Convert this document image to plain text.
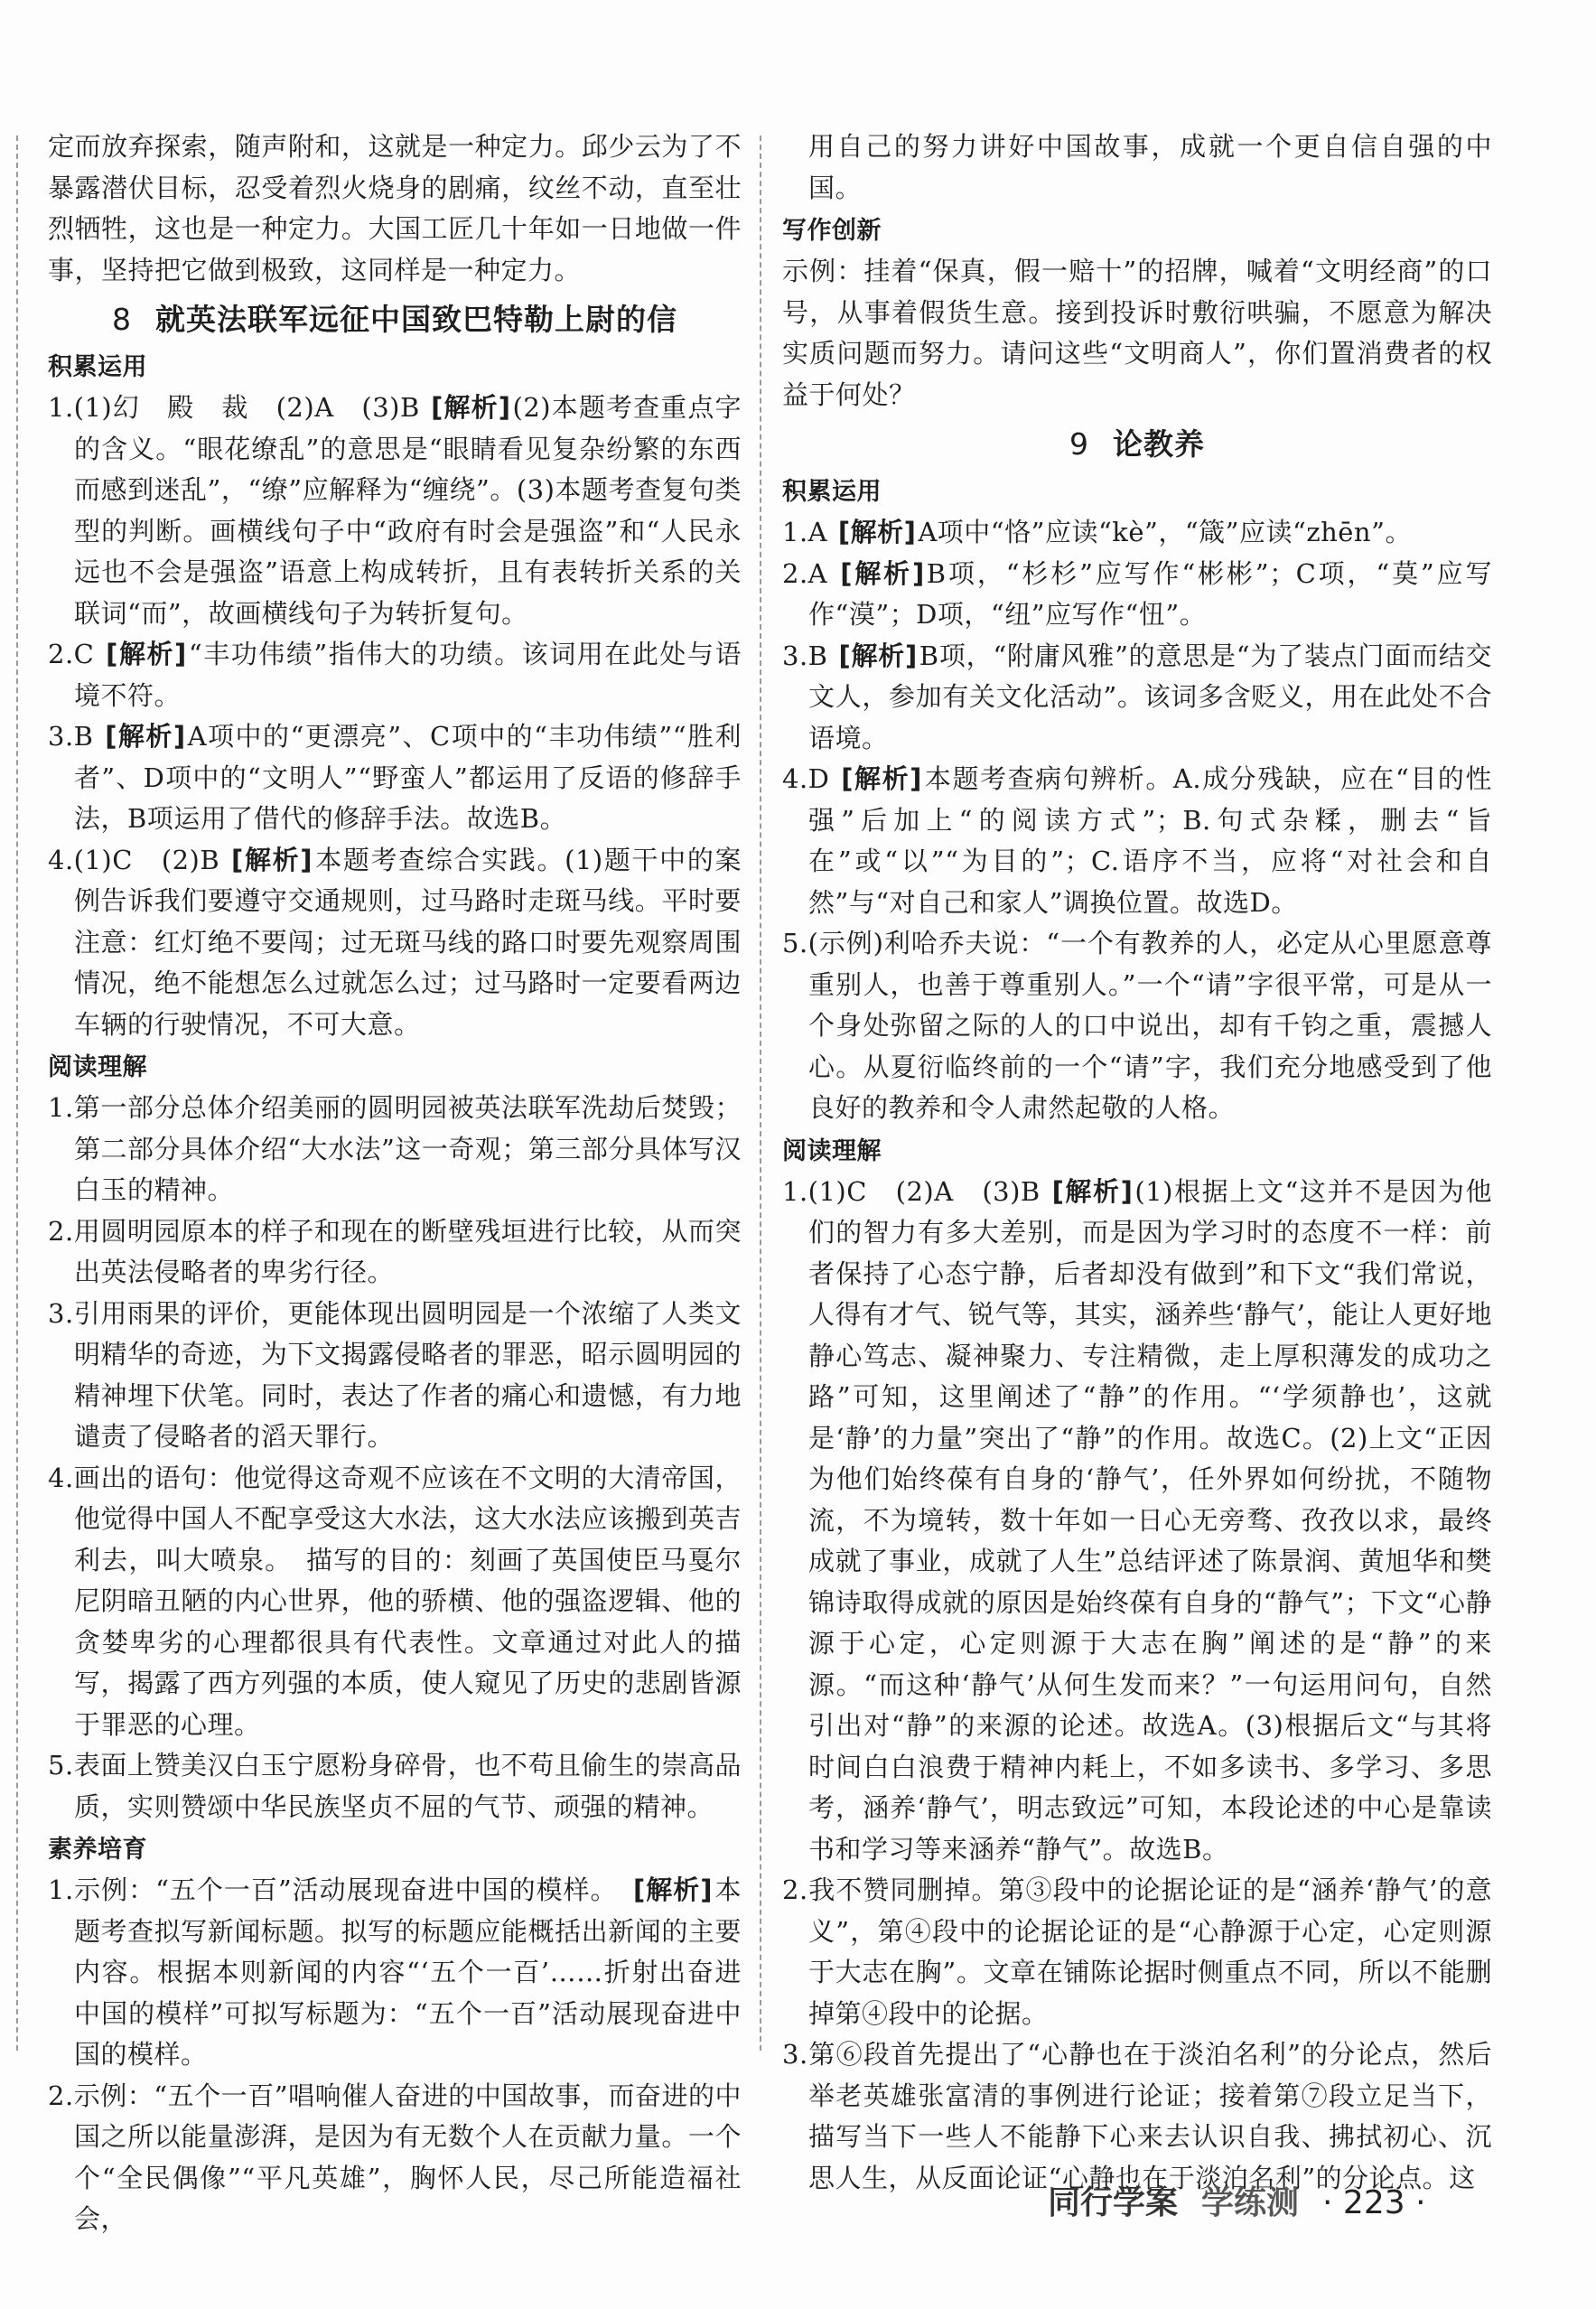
定而放弃探索，随声附和，这就是一种定力。邱少云为了不暴露潜伏目标，忍受着烈火烧身的剧痛，纹丝不动，直至壮烈牺牲，这也是一种定力。大国工匠几十年如一日地做一件事，坚持把它做到极致，这同样是一种定力。

8 就英法联军远征中国致巴特勒上尉的信
积累运用

1.(1)幻　殿　裁　(2)A　(3)B [解析](2)本题考查重点字的含义。“眼花缭乱”的意思是“眼睛看见复杂纷繁的东西而感到迷乱”，“缭”应解释为“缠绕”。(3)本题考查复句类型的判断。画横线句子中“政府有时会是强盗”和“人民永远也不会是强盗”语意上构成转折，且有表转折关系的关联词“而”，故画横线句子为转折复句。

2.C [解析]“丰功伟绩”指伟大的功绩。该词用在此处与语境不符。

3.B [解析]A项中的“更漂亮”、C项中的“丰功伟绩”“胜利者”、D项中的“文明人”“野蛮人”都运用了反语的修辞手法，B项运用了借代的修辞手法。故选B。

4.(1)C　(2)B [解析]本题考查综合实践。(1)题干中的案例告诉我们要遵守交通规则，过马路时走斑马线。平时要注意：红灯绝不要闯；过无斑马线的路口时要先观察周围情况，绝不能想怎么过就怎么过；过马路时一定要看两边车辆的行驶情况，不可大意。

阅读理解

1.第一部分总体介绍美丽的圆明园被英法联军洗劫后焚毁；第二部分具体介绍“大水法”这一奇观；第三部分具体写汉白玉的精神。

2.用圆明园原本的样子和现在的断壁残垣进行比较，从而突出英法侵略者的卑劣行径。

3.引用雨果的评价，更能体现出圆明园是一个浓缩了人类文明精华的奇迹，为下文揭露侵略者的罪恶，昭示圆明园的精神埋下伏笔。同时，表达了作者的痛心和遗憾，有力地谴责了侵略者的滔天罪行。

4.画出的语句：他觉得这奇观不应该在不文明的大清帝国，他觉得中国人不配享受这大水法，这大水法应该搬到英吉利去，叫大喷泉。　描写的目的：刻画了英国使臣马戛尔尼阴暗丑陋的内心世界，他的骄横、他的强盗逻辑、他的贪婪卑劣的心理都很具有代表性。文章通过对此人的描写，揭露了西方列强的本质，使人窥见了历史的悲剧皆源于罪恶的心理。

5.表面上赞美汉白玉宁愿粉身碎骨，也不苟且偷生的崇高品质，实则赞颂中华民族坚贞不屈的气节、顽强的精神。

素养培育

1.示例：“五个一百”活动展现奋进中国的模样。　[解析]本题考查拟写新闻标题。拟写的标题应能概括出新闻的主要内容。根据本则新闻的内容“‘五个一百’……折射出奋进中国的模样”可拟写标题为：“五个一百”活动展现奋进中国的模样。

2.示例：“五个一百”唱响催人奋进的中国故事，而奋进的中国之所以能量澎湃，是因为有无数个人在贡献力量。一个个“全民偶像”“平凡英雄”，胸怀人民，尽己所能造福社会，

用自己的努力讲好中国故事，成就一个更自信自强的中国。

写作创新

示例：挂着“保真，假一赔十”的招牌，喊着“文明经商”的口号，从事着假货生意。接到投诉时敷衍哄骗，不愿意为解决实质问题而努力。请问这些“文明商人”，你们置消费者的权益于何处？

9 论教养
积累运用

1.A [解析]A项中“恪”应读“kè”，“箴”应读“zhēn”。

2.A [解析]B项，“杉杉”应写作“彬彬”；C项，“莫”应写作“漠”；D项，“纽”应写作“忸”。

3.B [解析]B项，“附庸风雅”的意思是“为了装点门面而结交文人，参加有关文化活动”。该词多含贬义，用在此处不合语境。

4.D [解析]本题考查病句辨析。A.成分残缺，应在“目的性强”后加上“的阅读方式”；B.句式杂糅，删去“旨在”或“以”“为目的”；C.语序不当，应将“对社会和自然”与“对自己和家人”调换位置。故选D。

5.(示例)利哈乔夫说：“一个有教养的人，必定从心里愿意尊重别人，也善于尊重别人。”一个“请”字很平常，可是从一个身处弥留之际的人的口中说出，却有千钧之重，震撼人心。从夏衍临终前的一个“请”字，我们充分地感受到了他良好的教养和令人肃然起敬的人格。

阅读理解

1.(1)C　(2)A　(3)B [解析](1)根据上文“这并不是因为他们的智力有多大差别，而是因为学习时的态度不一样：前者保持了心态宁静，后者却没有做到”和下文“我们常说，人得有才气、锐气等，其实，涵养些‘静气’，能让人更好地静心笃志、凝神聚力、专注精微，走上厚积薄发的成功之路”可知，这里阐述了“静”的作用。“‘学须静也’，这就是‘静’的力量”突出了“静”的作用。故选C。(2)上文“正因为他们始终葆有自身的‘静气’，任外界如何纷扰，不随物流，不为境转，数十年如一日心无旁骛、孜孜以求，最终成就了事业，成就了人生”总结评述了陈景润、黄旭华和樊锦诗取得成就的原因是始终葆有自身的“静气”；下文“心静源于心定，心定则源于大志在胸”阐述的是“静”的来源。“而这种‘静气’从何生发而来？”一句运用问句，自然引出对“静”的来源的论述。故选A。(3)根据后文“与其将时间白白浪费于精神内耗上，不如多读书、多学习、多思考，涵养‘静气’，明志致远”可知，本段论述的中心是靠读书和学习等来涵养“静气”。故选B。

2.我不赞同删掉。第③段中的论据论证的是“涵养‘静气’的意义”，第④段中的论据论证的是“心静源于心定，心定则源于大志在胸”。文章在铺陈论据时侧重点不同，所以不能删掉第④段中的论据。

3.第⑥段首先提出了“心静也在于淡泊名利”的分论点，然后举老英雄张富清的事例进行论证；接着第⑦段立足当下，描写当下一些人不能静下心来去认识自我、拂拭初心、沉思人生，从反面论证“心静也在于淡泊名利”的分论点。这

同行学案 学练测 · 223 ·
